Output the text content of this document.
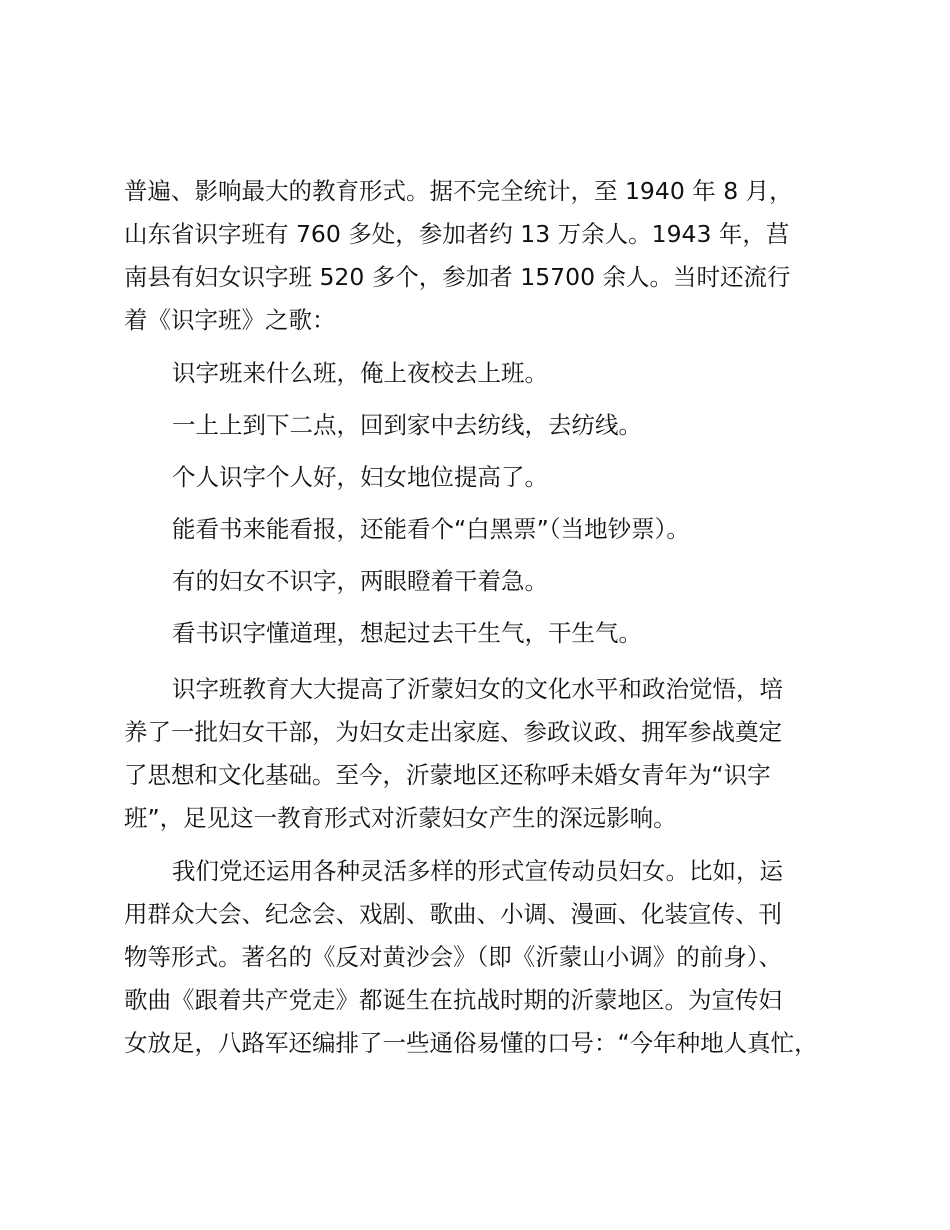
普遍、影响最大的教育形式。据不完全统计，至 1940 年 8 月，
山东省识字班有 760 多处，参加者约 13 万余人。1943 年，莒
南县有妇女识字班 520 多个，参加者 15700 余人。当时还流行
着《识字班》之歌：
识字班来什么班，俺上夜校去上班。
一上上到下二点，回到家中去纺线，去纺线。
个人识字个人好，妇女地位提高了。
能看书来能看报，还能看个“白黑票”（当地钞票）。
有的妇女不识字，两眼瞪着干着急。
看书识字懂道理，想起过去干生气，干生气。
识字班教育大大提高了沂蒙妇女的文化水平和政治觉悟，培
养了一批妇女干部，为妇女走出家庭、参政议政、拥军参战奠定
了思想和文化基础。至今，沂蒙地区还称呼未婚女青年为“识字
班”，足见这一教育形式对沂蒙妇女产生的深远影响。
我们党还运用各种灵活多样的形式宣传动员妇女。比如，运
用群众大会、纪念会、戏剧、歌曲、小调、漫画、化装宣传、刊
物等形式。著名的《反对黄沙会》（即《沂蒙山小调》的前身）、
歌曲《跟着共产党走》都诞生在抗战时期的沂蒙地区。为宣传妇
女放足，八路军还编排了一些通俗易懂的口号：“今年种地人真忙，
